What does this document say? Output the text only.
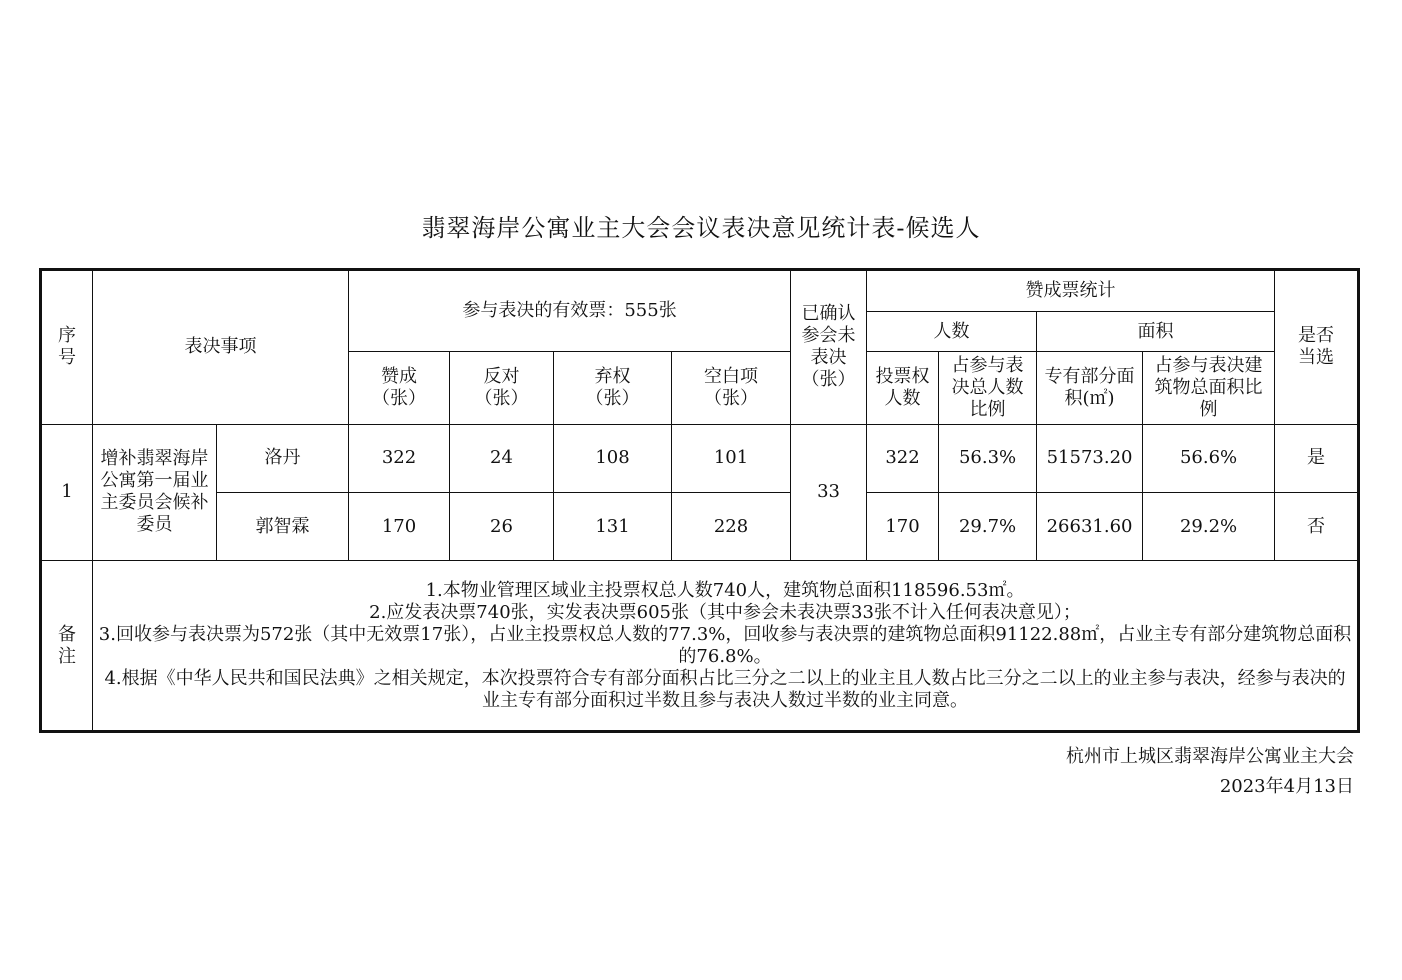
翡翠海岸公寓业主大会会议表决意见统计表-候选人
序号	表决事项		参与表决的有效票：555张				已确认参会未表决（张）	赞成票统计				是否当选
								人数		面积		
			赞成（张）	反对（张）	弃权（张）	空白项（张）		投票权人数	占参与表决总人数比例	专有部分面积(㎡)	占参与表决建筑物总面积比例	
1	增补翡翠海岸公寓第一届业主委员会候补委员	洛丹	322	24	108	101	33	322	56.3%	51573.20	56.6%	是
		郭智霖	170	26	131	228		170	29.7%	26631.60	29.2%	否
备注	1.本物业管理区域业主投票权总人数740人，建筑物总面积118596.53㎡。
2.应发表决票740张，实发表决票605张（其中参会未表决票33张不计入任何表决意见）；
3.回收参与表决票为572张（其中无效票17张），占业主投票权总人数的77.3%，回收参与表决票的建筑物总面积91122.88㎡，占业主专有部分建筑物总面积的76.8%。
4.根据《中华人民共和国民法典》之相关规定，本次投票符合专有部分面积占比三分之二以上的业主且人数占比三分之二以上的业主参与表决，经参与表决的业主专有部分面积过半数且参与表决人数过半数的业主同意。											
杭州市上城区翡翠海岸公寓业主大会
2023年4月13日
